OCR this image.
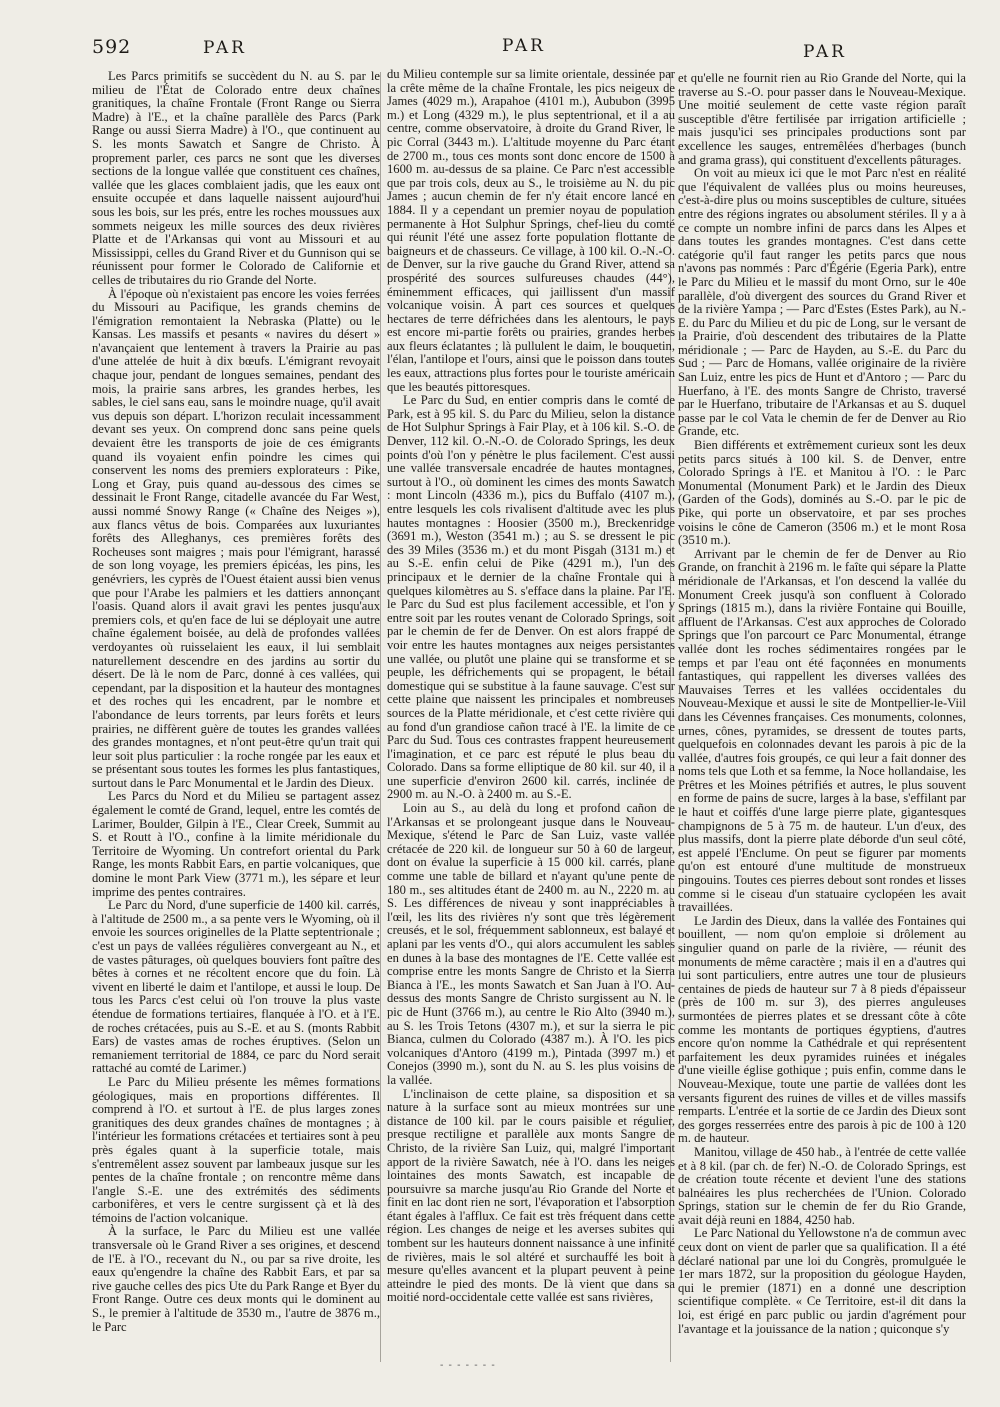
592	PAR	PAR	PAR

Les Parcs primitifs se succèdent du N. au S. par le milieu de l'État de Colorado entre deux chaînes granitiques, la chaîne Frontale (Front Range ou Sierra Madre) à l'E., et la chaîne parallèle des Parcs (Park Range ou aussi Sierra Madre) à l'O., que continuent au S. les monts Sawatch et Sangre de Christo. À proprement parler, ces parcs ne sont que les diverses sections de la longue vallée que constituent ces chaînes, vallée que les glaces comblaient jadis, que les eaux ont ensuite occupée et dans laquelle naissent aujourd'hui sous les bois, sur les prés, entre les roches moussues aux sommets neigeux les mille sources des deux rivières Platte et de l'Arkansas qui vont au Missouri et au Mississippi, celles du Grand River et du Gunnison qui se réunissent pour former le Colorado de Californie et celles de tributaires du rio Grande del Norte.

À l'époque où n'existaient pas encore les voies ferrées du Missouri au Pacifique, les grands chemins de l'émigration remontaient la Nebraska (Platte) ou le Kansas. Les massifs et pesants « navires du désert » n'avançaient que lentement à travers la Prairie au pas d'une attelée de huit à dix bœufs. L'émigrant revoyait chaque jour, pendant de longues semaines, pendant des mois, la prairie sans arbres, les grandes herbes, les sables, le ciel sans eau, sans le moindre nuage, qu'il avait vus depuis son départ. L'horizon reculait incessamment devant ses yeux. On comprend donc sans peine quels devaient être les transports de joie de ces émigrants quand ils voyaient enfin poindre les cimes qui conservent les noms des premiers explorateurs : Pike, Long et Gray, puis quand au-dessous des cimes se dessinait le Front Range, citadelle avancée du Far West, aussi nommé Snowy Range (« Chaîne des Neiges »), aux flancs vêtus de bois. Comparées aux luxuriantes forêts des Alleghanys, ces premières forêts des Rocheuses sont maigres ; mais pour l'émigrant, harassé de son long voyage, les premiers épicéas, les pins, les genévriers, les cyprès de l'Ouest étaient aussi bien venus que pour l'Arabe les palmiers et les dattiers annonçant l'oasis. Quand alors il avait gravi les pentes jusqu'aux premiers cols, et qu'en face de lui se déployait une autre chaîne également boisée, au delà de profondes vallées verdoyantes où ruisselaient les eaux, il lui semblait naturellement descendre en des jardins au sortir du désert. De là le nom de Parc, donné à ces vallées, qui cependant, par la disposition et la hauteur des montagnes et des roches qui les encadrent, par le nombre et l'abondance de leurs torrents, par leurs forêts et leurs prairies, ne diffèrent guère de toutes les grandes vallées des grandes montagnes, et n'ont peut-être qu'un trait qui leur soit plus particulier : la roche rongée par les eaux et se présentant sous toutes les formes les plus fantastiques, surtout dans le Parc Monumental et le Jardin des Dieux.

Les Parcs du Nord et du Milieu se partagent assez également le comté de Grand, lequel, entre les comtés de Larimer, Boulder, Gilpin à l'E., Clear Creek, Summit au S. et Routt à l'O., confine à la limite méridionale du Territoire de Wyoming. Un contrefort oriental du Park Range, les monts Rabbit Ears, en partie volcaniques, que domine le mont Park View (3771 m.), les sépare et leur imprime des pentes contraires.

Le Parc du Nord, d'une superficie de 1400 kil. carrés, à l'altitude de 2500 m., a sa pente vers le Wyoming, où il envoie les sources originelles de la Platte septentrionale ; c'est un pays de vallées régulières convergeant au N., et de vastes pâturages, où quelques bouviers font paître des bêtes à cornes et ne récoltent encore que du foin. Là vivent en liberté le daim et l'antilope, et aussi le loup. De tous les Parcs c'est celui où l'on trouve la plus vaste étendue de formations tertiaires, flanquée à l'O. et à l'E. de roches crétacées, puis au S.-E. et au S. (monts Rabbit Ears) de vastes amas de roches éruptives. (Selon un remaniement territorial de 1884, ce parc du Nord serait rattaché au comté de Larimer.)

Le Parc du Milieu présente les mêmes formations géologiques, mais en proportions différentes. Il comprend à l'O. et surtout à l'E. de plus larges zones granitiques des deux grandes chaînes de montagnes ; à l'intérieur les formations crétacées et tertiaires sont à peu près égales quant à la superficie totale, mais s'entremêlent assez souvent par lambeaux jusque sur les pentes de la chaîne frontale ; on rencontre même dans l'angle S.-E. une des extrémités des sédiments carbonifères, et vers le centre surgissent çà et là des témoins de l'action volcanique.

À la surface, le Parc du Milieu est une vallée transversale où le Grand River a ses origines, et descend de l'E. à l'O., recevant du N., ou par sa rive droite, les eaux qu'engendre la chaîne des Rabbit Ears, et par sa rive gauche celles des pics Ute du Park Range et Byer du Front Range. Outre ces deux monts qui le dominent au S., le premier à l'altitude de 3530 m., l'autre de 3876 m., le Parc

du Milieu contemple sur sa limite orientale, dessinée par la crête même de la chaîne Frontale, les pics neigeux de James (4029 m.), Arapahoe (4101 m.), Aububon (3995 m.) et Long (4329 m.), le plus septentrional, et il a au centre, comme observatoire, à droite du Grand River, le pic Corral (3443 m.). L'altitude moyenne du Parc étant de 2700 m., tous ces monts sont donc encore de 1500 à 1600 m. au-dessus de sa plaine. Ce Parc n'est accessible que par trois cols, deux au S., le troisième au N. du pic James ; aucun chemin de fer n'y était encore lancé en 1884. Il y a cependant un premier noyau de population permanente à Hot Sulphur Springs, chef-lieu du comté qui réunit l'été une assez forte population flottante de baigneurs et de chasseurs. Ce village, à 100 kil. O.-N.-O. de Denver, sur la rive gauche du Grand River, attend sa prospérité des sources sulfureuses chaudes (44°), éminemment efficaces, qui jaillissent d'un massif volcanique voisin. À part ces sources et quelques hectares de terre défrichées dans les alentours, le pays est encore mi-partie forêts ou prairies, grandes herbes aux fleurs éclatantes ; là pullulent le daim, le bouquetin, l'élan, l'antilope et l'ours, ainsi que le poisson dans toutes les eaux, attractions plus fortes pour le touriste américain que les beautés pittoresques.

Le Parc du Sud, en entier compris dans le comté de Park, est à 95 kil. S. du Parc du Milieu, selon la distance de Hot Sulphur Springs à Fair Play, et à 106 kil. S.-O. de Denver, 112 kil. O.-N.-O. de Colorado Springs, les deux points d'où l'on y pénètre le plus facilement. C'est aussi une vallée transversale encadrée de hautes montagnes, surtout à l'O., où dominent les cimes des monts Sawatch : mont Lincoln (4336 m.), pics du Buffalo (4107 m.), entre lesquels les cols rivalisent d'altitude avec les plus hautes montagnes : Hoosier (3500 m.), Breckenridge (3691 m.), Weston (3541 m.) ; au S. se dressent le pic des 39 Miles (3536 m.) et du mont Pisgah (3131 m.) et au S.-E. enfin celui de Pike (4291 m.), l'un des principaux et le dernier de la chaîne Frontale qui à quelques kilomètres au S. s'efface dans la plaine. Par l'E. le Parc du Sud est plus facilement accessible, et l'on y entre soit par les routes venant de Colorado Springs, soit par le chemin de fer de Denver. On est alors frappé de voir entre les hautes montagnes aux neiges persistantes une vallée, ou plutôt une plaine qui se transforme et se peuple, les défrichements qui se propagent, le bétail domestique qui se substitue à la faune sauvage. C'est sur cette plaine que naissent les principales et nombreuses sources de la Platte méridionale, et c'est cette rivière qui au fond d'un grandiose cañon tracé à l'E. la limite de ce Parc du Sud. Tous ces contrastes frappent heureusement l'imagination, et ce parc est réputé le plus beau du Colorado. Dans sa forme elliptique de 80 kil. sur 40, il a une superficie d'environ 2600 kil. carrés, inclinée de 2900 m. au N.-O. à 2400 m. au S.-E.

Loin au S., au delà du long et profond cañon de l'Arkansas et se prolongeant jusque dans le Nouveau-Mexique, s'étend le Parc de San Luiz, vaste vallée crétacée de 220 kil. de longueur sur 50 à 60 de largeur, dont on évalue la superficie à 15 000 kil. carrés, plane comme une table de billard et n'ayant qu'une pente de 180 m., ses altitudes étant de 2400 m. au N., 2220 m. au S. Les différences de niveau y sont inappréciables à l'œil, les lits des rivières n'y sont que très légèrement creusés, et le sol, fréquemment sablonneux, est balayé et aplani par les vents d'O., qui alors accumulent les sables en dunes à la base des montagnes de l'E. Cette vallée est comprise entre les monts Sangre de Christo et la Sierra Bianca à l'E., les monts Sawatch et San Juan à l'O. Au-dessus des monts Sangre de Christo surgissent au N. le pic de Hunt (3766 m.), au centre le Rio Alto (3940 m.), au S. les Trois Tetons (4307 m.), et sur la sierra le pic Bianca, culmen du Colorado (4387 m.). À l'O. les pics volcaniques d'Antoro (4199 m.), Pintada (3997 m.) et Conejos (3990 m.), sont du N. au S. les plus voisins de la vallée.

L'inclinaison de cette plaine, sa disposition et sa nature à la surface sont au mieux montrées sur une distance de 100 kil. par le cours paisible et régulier, presque rectiligne et parallèle aux monts Sangre de Christo, de la rivière San Luiz, qui, malgré l'important apport de la rivière Sawatch, née à l'O. dans les neiges lointaines des monts Sawatch, est incapable de poursuivre sa marche jusqu'au Rio Grande del Norte et finit en lac dont rien ne sort, l'évaporation et l'absorption étant égales à l'afflux. Ce fait est très fréquent dans cette région. Les changes de neige et les averses subites qui tombent sur les hauteurs donnent naissance à une infinité de rivières, mais le sol altéré et surchauffé les boit à mesure qu'elles avancent et la plupart peuvent à peine atteindre le pied des monts. De là vient que dans sa moitié nord-occidentale cette vallée est sans rivières,

et qu'elle ne fournit rien au Rio Grande del Norte, qui la traverse au S.-O. pour passer dans le Nouveau-Mexique. Une moitié seulement de cette vaste région paraît susceptible d'être fertilisée par irrigation artificielle ; mais jusqu'ici ses principales productions sont par excellence les sauges, entremêlées d'herbages (bunch and grama grass), qui constituent d'excellents pâturages.

On voit au mieux ici que le mot Parc n'est en réalité que l'équivalent de vallées plus ou moins heureuses, c'est-à-dire plus ou moins susceptibles de culture, situées entre des régions ingrates ou absolument stériles. Il y a à ce compte un nombre infini de parcs dans les Alpes et dans toutes les grandes montagnes. C'est dans cette catégorie qu'il faut ranger les petits parcs que nous n'avons pas nommés : Parc d'Égérie (Egeria Park), entre le Parc du Milieu et le massif du mont Orno, sur le 40e parallèle, d'où divergent des sources du Grand River et de la rivière Yampa ; — Parc d'Estes (Estes Park), au N.-E. du Parc du Milieu et du pic de Long, sur le versant de la Prairie, d'où descendent des tributaires de la Platte méridionale ; — Parc de Hayden, au S.-E. du Parc du Sud ; — Parc de Homans, vallée originaire de la rivière San Luiz, entre les pics de Hunt et d'Antoro ; — Parc du Huerfano, à l'E. des monts Sangre de Christo, traversé par le Huerfano, tributaire de l'Arkansas et au S. duquel passe par le col Vata le chemin de fer de Denver au Rio Grande, etc.

Bien différents et extrêmement curieux sont les deux petits parcs situés à 100 kil. S. de Denver, entre Colorado Springs à l'E. et Manitou à l'O. : le Parc Monumental (Monument Park) et le Jardin des Dieux (Garden of the Gods), dominés au S.-O. par le pic de Pike, qui porte un observatoire, et par ses proches voisins le cône de Cameron (3506 m.) et le mont Rosa (3510 m.).

Arrivant par le chemin de fer de Denver au Rio Grande, on franchit à 2196 m. le faîte qui sépare la Platte méridionale de l'Arkansas, et l'on descend la vallée du Monument Creek jusqu'à son confluent à Colorado Springs (1815 m.), dans la rivière Fontaine qui Bouille, affluent de l'Arkansas. C'est aux approches de Colorado Springs que l'on parcourt ce Parc Monumental, étrange vallée dont les roches sédimentaires rongées par le temps et par l'eau ont été façonnées en monuments fantastiques, qui rappellent les diverses vallées des Mauvaises Terres et les vallées occidentales du Nouveau-Mexique et aussi le site de Montpellier-le-Viil dans les Cévennes françaises. Ces monuments, colonnes, urnes, cônes, pyramides, se dressent de toutes parts, quelquefois en colonnades devant les parois à pic de la vallée, d'autres fois groupés, ce qui leur a fait donner des noms tels que Loth et sa femme, la Noce hollandaise, les Prêtres et les Moines pétrifiés et autres, le plus souvent en forme de pains de sucre, larges à la base, s'effilant par le haut et coiffés d'une large pierre plate, gigantesques champignons de 5 à 75 m. de hauteur. L'un d'eux, des plus massifs, dont la pierre plate déborde d'un seul côté, est appelé l'Enclume. On peut se figurer par moments qu'on est entouré d'une multitude de monstrueux pingouins. Toutes ces pierres debout sont rondes et lisses comme si le ciseau d'un statuaire cyclopéen les avait travaillées.

Le Jardin des Dieux, dans la vallée des Fontaines qui bouillent, — nom qu'on emploie si drôlement au singulier quand on parle de la rivière, — réunit des monuments de même caractère ; mais il en a d'autres qui lui sont particuliers, entre autres une tour de plusieurs centaines de pieds de hauteur sur 7 à 8 pieds d'épaisseur (près de 100 m. sur 3), des pierres anguleuses surmontées de pierres plates et se dressant côte à côte comme les montants de portiques égyptiens, d'autres encore qu'on nomme la Cathédrale et qui représentent parfaitement les deux pyramides ruinées et inégales d'une vieille église gothique ; puis enfin, comme dans le Nouveau-Mexique, toute une partie de vallées dont les versants figurent des ruines de villes et de villes massifs remparts. L'entrée et la sortie de ce Jardin des Dieux sont des gorges resserrées entre des parois à pic de 100 à 120 m. de hauteur.

Manitou, village de 450 hab., à l'entrée de cette vallée et à 8 kil. (par ch. de fer) N.-O. de Colorado Springs, est de création toute récente et devient l'une des stations balnéaires les plus recherchées de l'Union. Colorado Springs, station sur le chemin de fer du Rio Grande, avait déjà reuni en 1884, 4250 hab.

Le Parc National du Yellowstone n'a de commun avec ceux dont on vient de parler que sa qualification. Il a été déclaré national par une loi du Congrès, promulguée le 1er mars 1872, sur la proposition du géologue Hayden, qui le premier (1871) en a donné une description scientifique complète. « Ce Territoire, est-il dit dans la loi, est érigé en parc public ou jardin d'agrément pour l'avantage et la jouissance de la nation ; quiconque s'y

- - - - - - -
